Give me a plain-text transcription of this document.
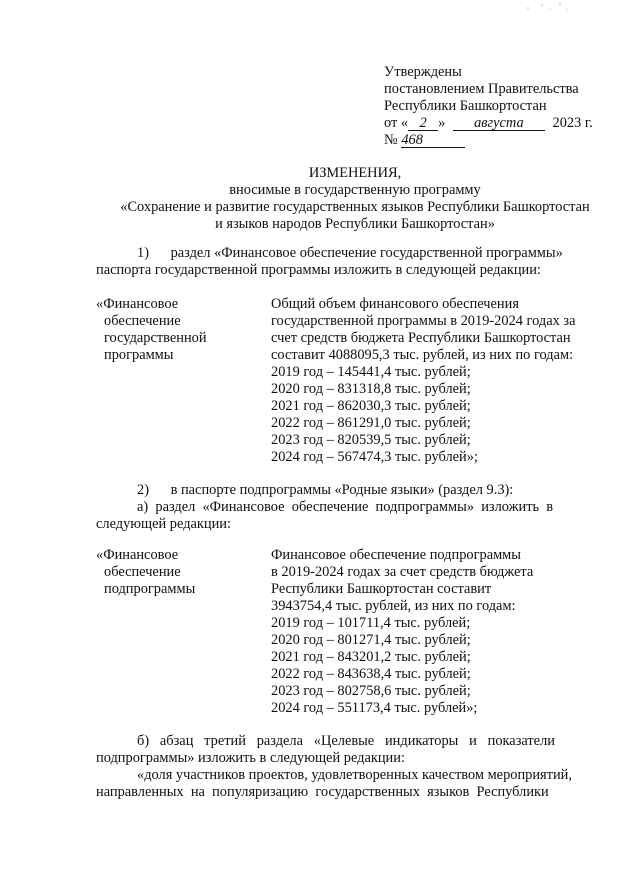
Утверждены
постановлением Правительства
Республики Башкортостан
от « 2 » августа 2023 г.
№ 468
ИЗМЕНЕНИЯ,
вносимые в государственную программу
«Сохранение и развитие государственных языков Республики Башкортостан
и языков народов Республики Башкортостан»
1)      раздел «Финансовое обеспечение государственной программы»
паспорта государственной программы изложить в следующей редакции:
«Финансовое
обеспечение
государственной
программы
Общий объем финансового обеспечения
государственной программы в 2019-2024 годах за
счет средств бюджета Республики Башкортостан
составит 4088095,3 тыс. рублей, из них по годам:
2019 год – 145441,4 тыс. рублей;
2020 год – 831318,8 тыс. рублей;
2021 год – 862030,3 тыс. рублей;
2022 год – 861291,0 тыс. рублей;
2023 год – 820539,5 тыс. рублей;
2024 год – 567474,3 тыс. рублей»;
2)      в паспорте подпрограммы «Родные языки» (раздел 9.3):
а)  раздел  «Финансовое  обеспечение  подпрограммы»  изложить  в
следующей редакции:
«Финансовое
обеспечение
подпрограммы
Финансовое обеспечение подпрограммы
в 2019-2024 годах за счет средств бюджета
Республики Башкортостан составит
3943754,4 тыс. рублей, из них по годам:
2019 год – 101711,4 тыс. рублей;
2020 год – 801271,4 тыс. рублей;
2021 год – 843201,2 тыс. рублей;
2022 год – 843638,4 тыс. рублей;
2023 год – 802758,6 тыс. рублей;
2024 год – 551173,4 тыс. рублей»;
б)   абзац   третий   раздела   «Целевые   индикаторы   и   показатели
подпрограммы» изложить в следующей редакции:
«доля участников проектов, удовлетворенных качеством мероприятий,
направленных  на  популяризацию  государственных  языков  Республики
